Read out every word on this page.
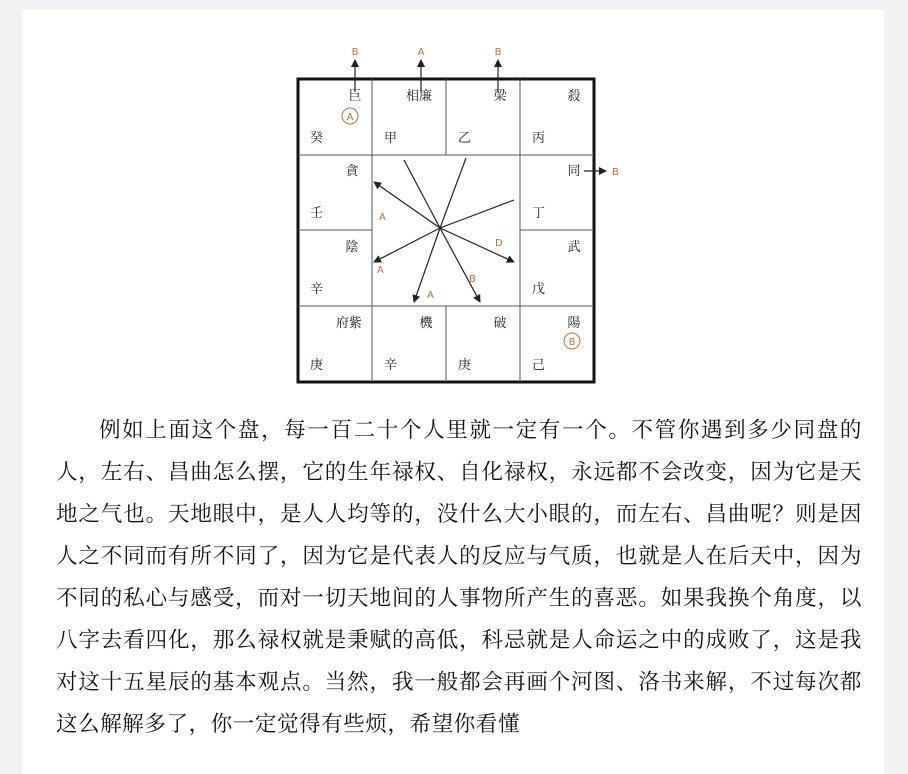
巨
癸
相廉
甲
梁
乙
殺
丙
貪
壬
陰
辛
同
丁
武
戊
府紫
庚
機
辛
破
庚
陽
己
A
B
B	A	B
B
A
A
A
B
D

例如上面这个盘，每一百二十个人里就一定有一个。不管你遇到多少同盘的人，左右、昌曲怎么摆，它的生年禄权、自化禄权，永远都不会改变，因为它是天地之气也。天地眼中，是人人均等的，没什么大小眼的，而左右、昌曲呢？则是因人之不同而有所不同了，因为它是代表人的反应与气质，也就是人在后天中，因为不同的私心与感受，而对一切天地间的人事物所产生的喜恶。如果我换个角度，以八字去看四化，那么禄权就是秉赋的高低，科忌就是人命运之中的成败了，这是我对这十五星辰的基本观点。当然，我一般都会再画个河图、洛书来解，不过每次都这么解解多了，你一定觉得有些烦，希望你看懂
